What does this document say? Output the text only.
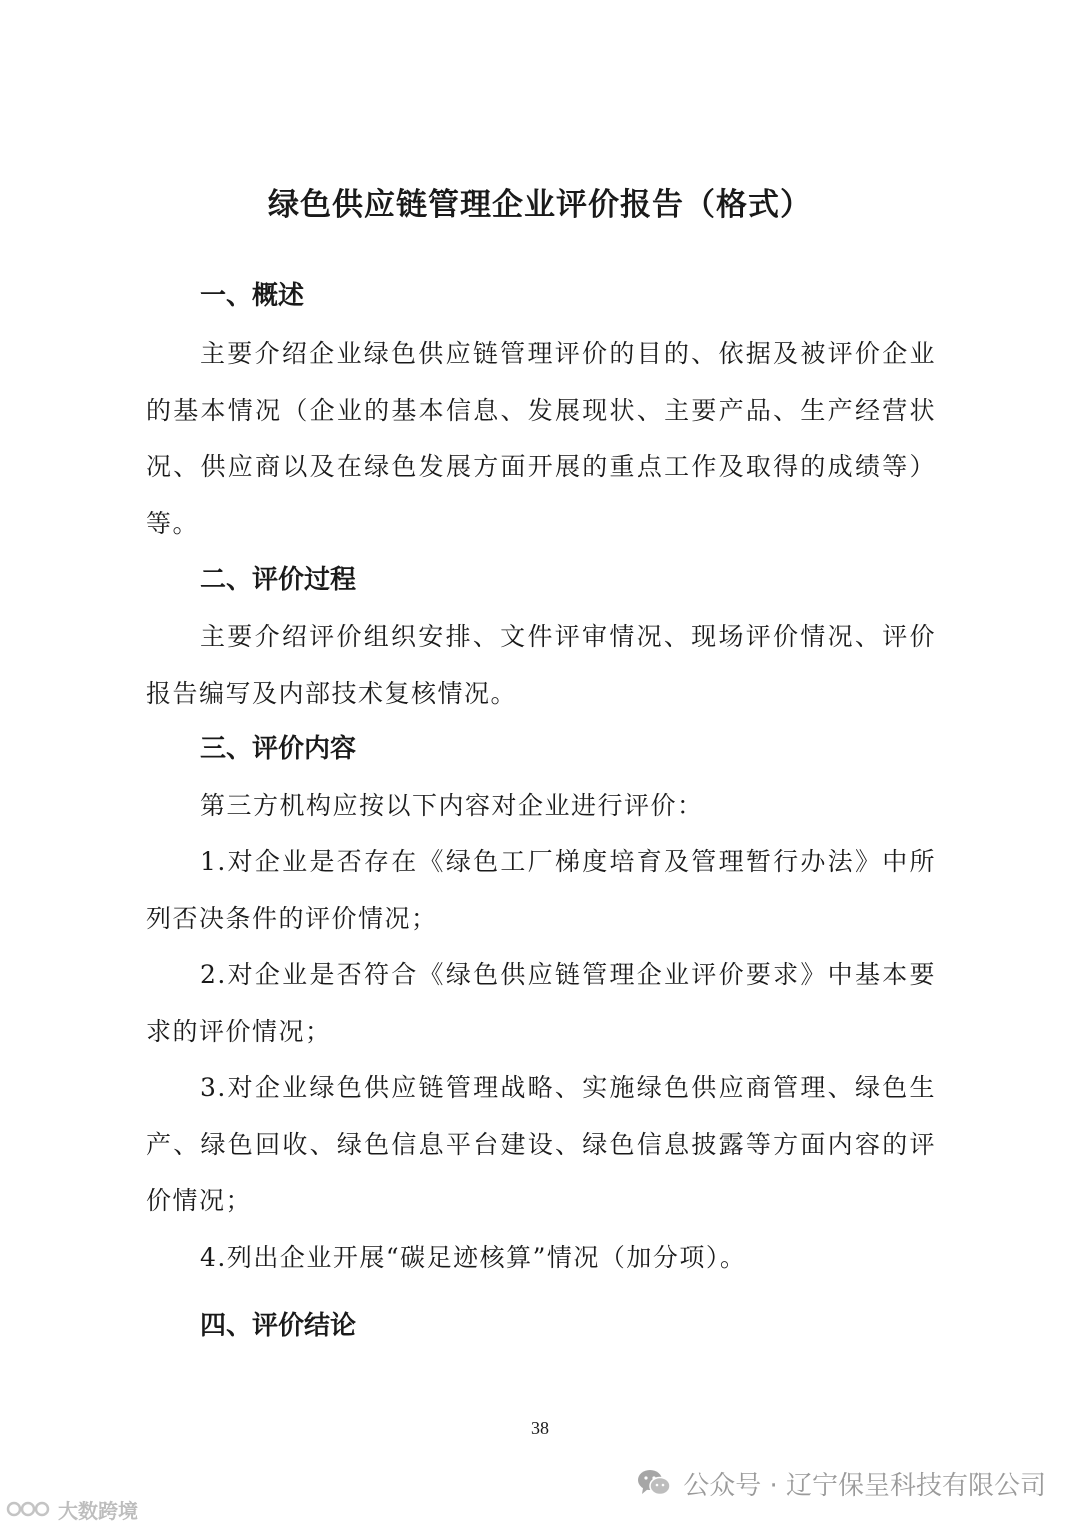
绿色供应链管理企业评价报告（格式）
一、概述
主要介绍企业绿色供应链管理评价的目的、依据及被评价企业的基本情况（企业的基本信息、发展现状、主要产品、生产经营状况、供应商以及在绿色发展方面开展的重点工作及取得的成绩等）等。
二、评价过程
主要介绍评价组织安排、文件评审情况、现场评价情况、评价报告编写及内部技术复核情况。
三、评价内容
第三方机构应按以下内容对企业进行评价：
1.对企业是否存在《绿色工厂梯度培育及管理暂行办法》中所列否决条件的评价情况；
2.对企业是否符合《绿色供应链管理企业评价要求》中基本要求的评价情况；
3.对企业绿色供应链管理战略、实施绿色供应商管理、绿色生产、绿色回收、绿色信息平台建设、绿色信息披露等方面内容的评价情况；
4.列出企业开展“碳足迹核算”情况（加分项）。
四、评价结论
38
公众号 · 辽宁保呈科技有限公司
大数跨境
